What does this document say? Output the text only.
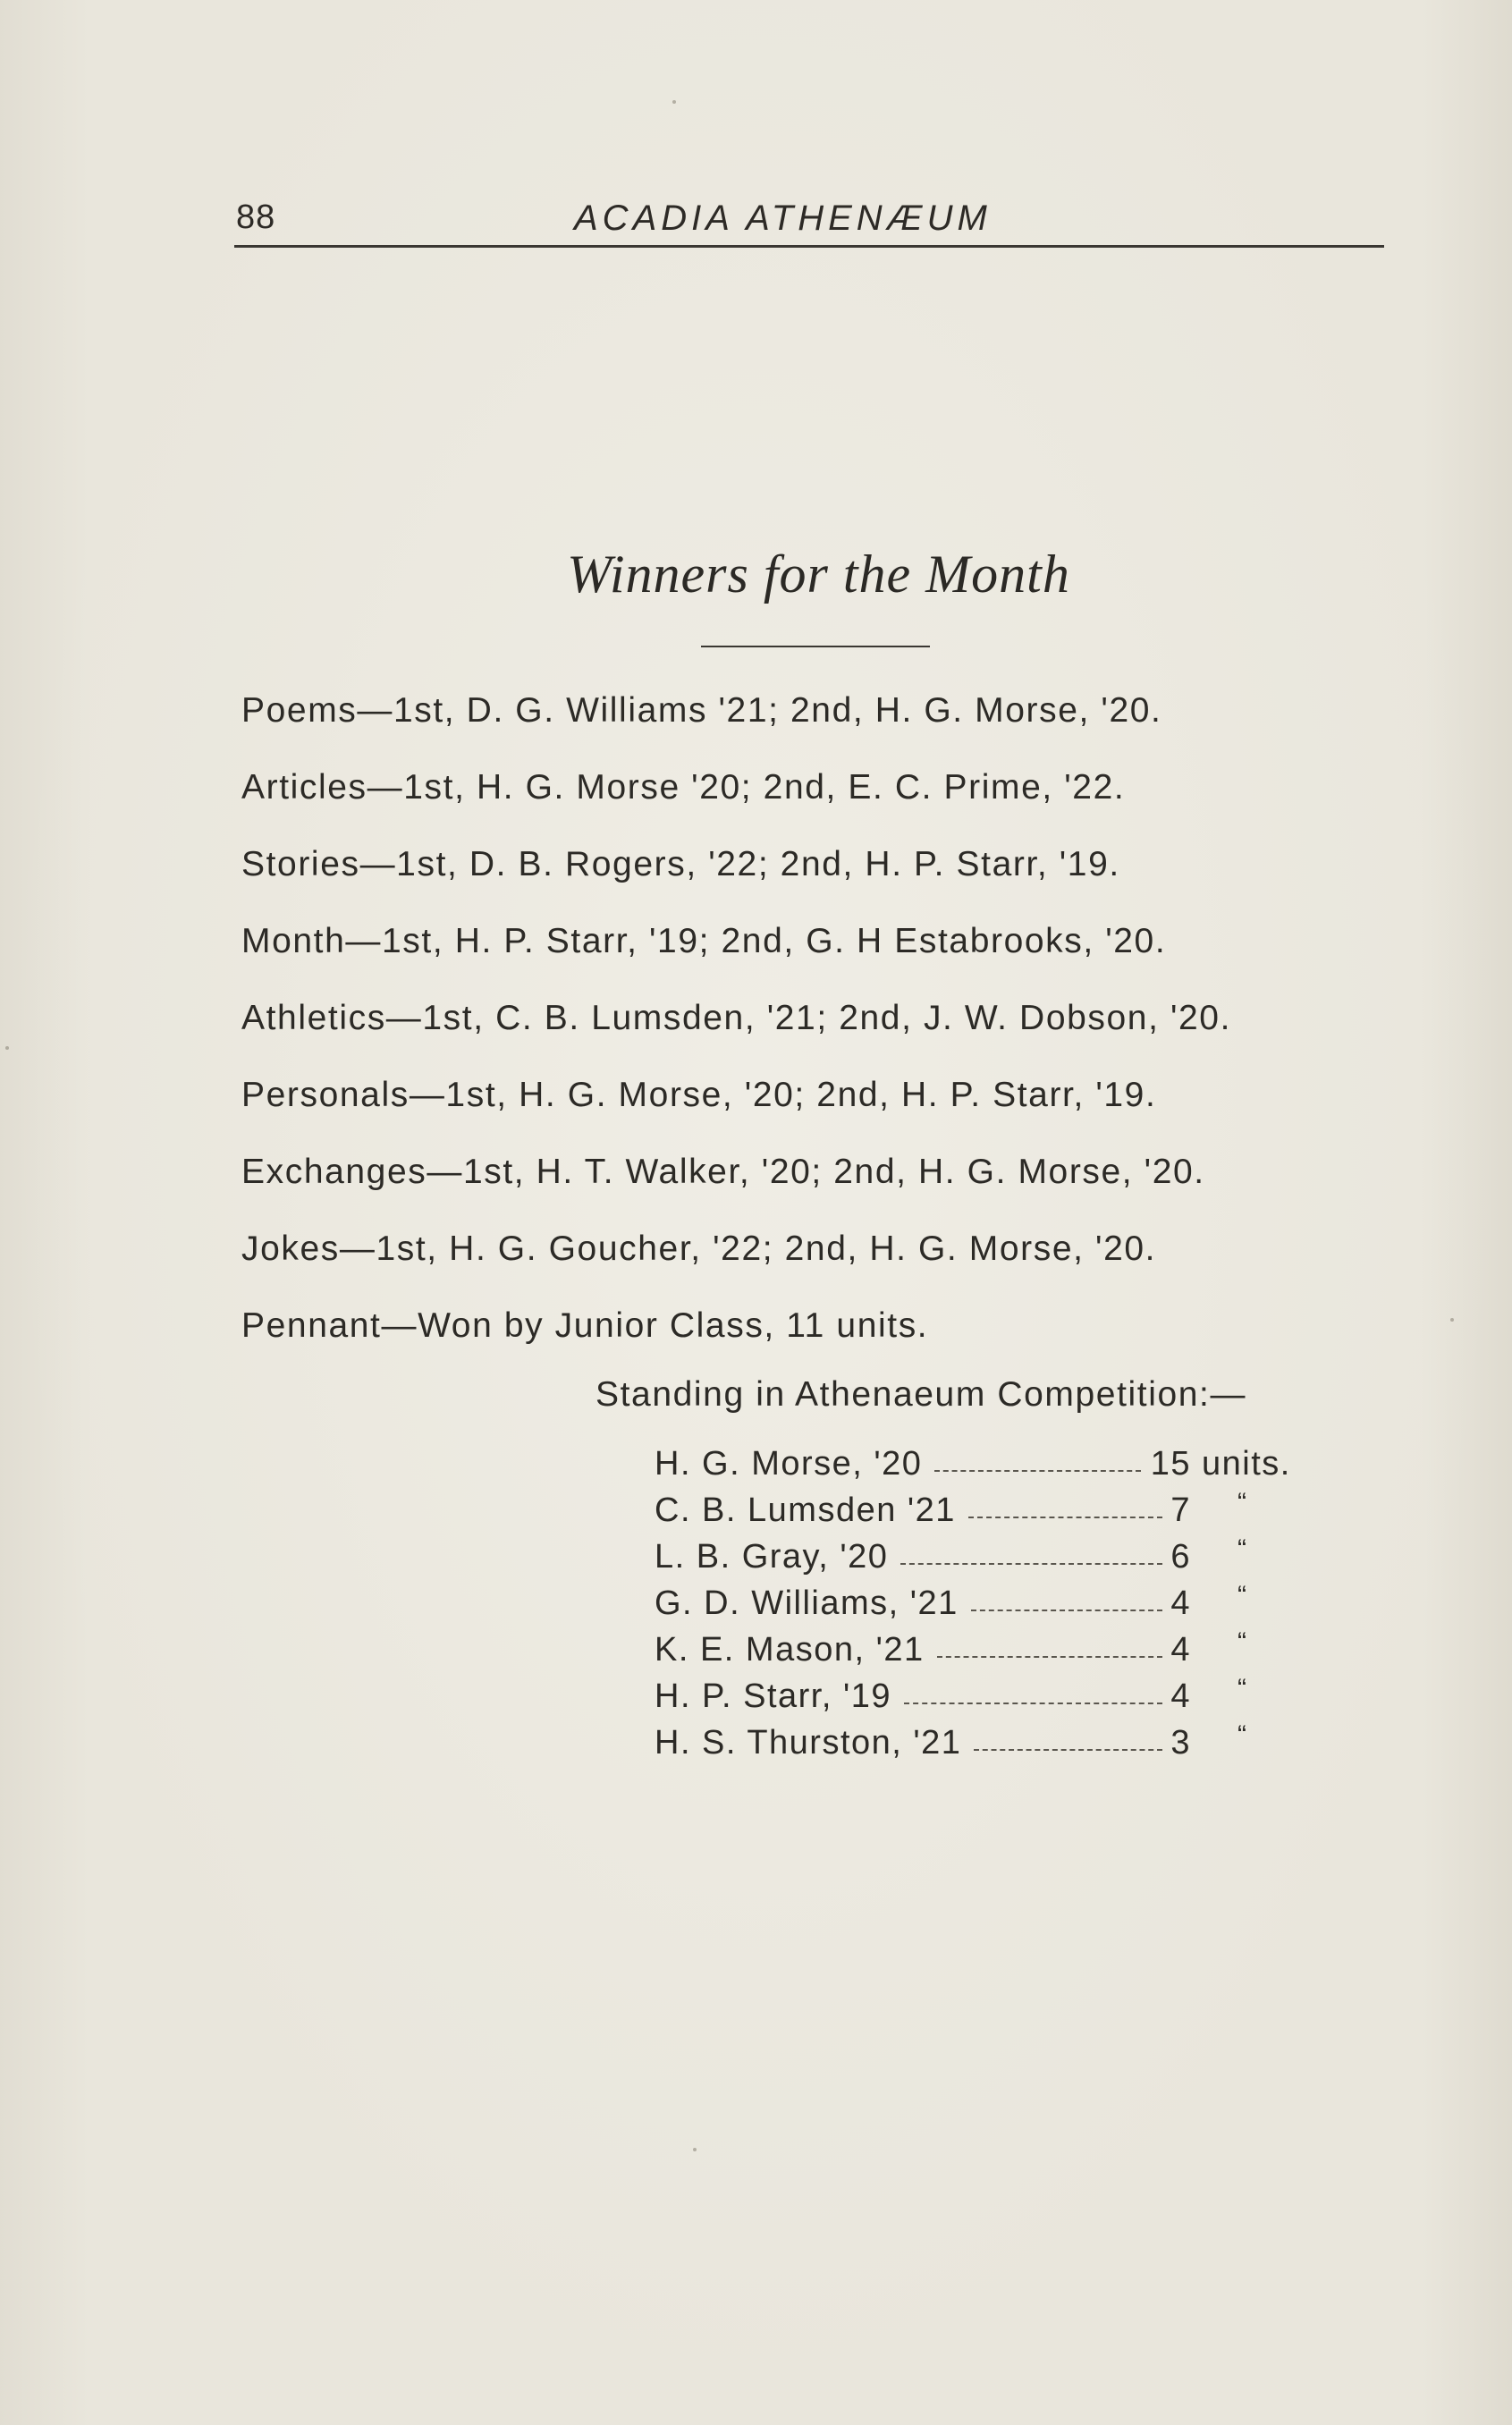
88	ACADIA ATHENÆUM
Winners for the Month
Poems—1st, D. G. Williams '21; 2nd, H. G. Morse, '20.
Articles—1st, H. G. Morse '20; 2nd, E. C. Prime, '22.
Stories—1st, D. B. Rogers, '22; 2nd, H. P. Starr, '19.
Month—1st, H. P. Starr, '19; 2nd, G. H Estabrooks, '20.
Athletics—1st, C. B. Lumsden, '21; 2nd, J. W. Dobson, '20.
Personals—1st, H. G. Morse, '20; 2nd, H. P. Starr, '19.
Exchanges—1st, H. T. Walker, '20; 2nd, H. G. Morse, '20.
Jokes—1st, H. G. Goucher, '22; 2nd, H. G. Morse, '20.
Pennant—Won by Junior Class, 11 units.
Standing in Athenaeum Competition:—
H. G. Morse, '20	15 units.
C. B. Lumsden '21	7 “
L. B. Gray, '20	6 “
G. D. Williams, '21	4 “
K. E. Mason, '21	4 “
H. P. Starr, '19	4 “
H. S. Thurston, '21	3 “
